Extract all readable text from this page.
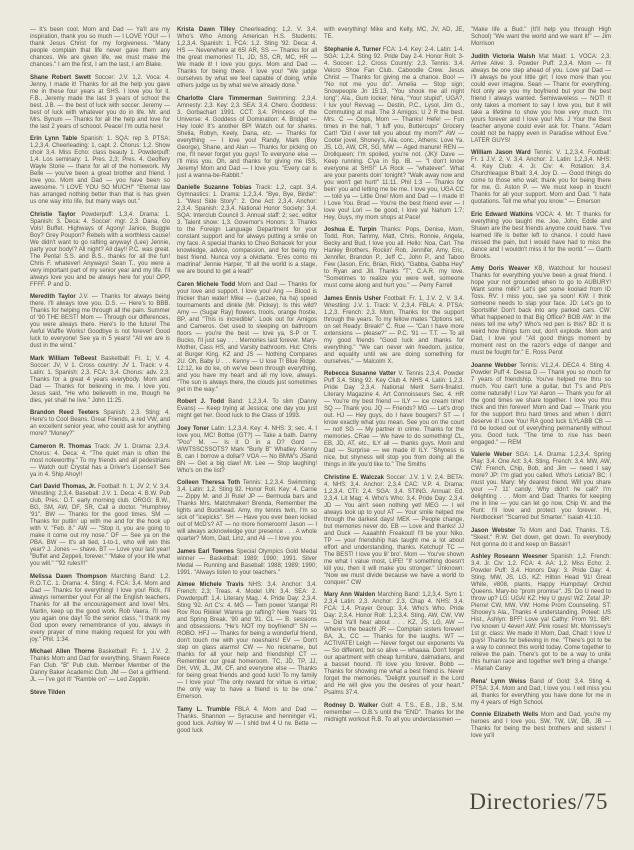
— It's been cool. Mom and Dad — Ya'll are my inspiration, thank you so much — I LOVE YOU! — I thank Jesus Christ for my forgiveness. "Many people complain that life never gave them any chances. We are given life, we must make the chances." I am the first, I am the last, I am Blake.

Shane Robert Swett Soccer: J.V. 1,2. Voca: 4. Jenny, I made it! Thanks for all the help you gave me in these four years at SHS. I love you for it. F.B., Jeremy made the last 3 years of school the best. J.B. — the best of luck with soccer. Jeremy — best of luck with whatever you do in life. Mr. and Mrs. Bynum — Thanks for all the help and love for the last 2 years of schoool. Peace! I'm outta here!

Erin Lynn Table Spanish: 1. SQA: rep 3. PTSA: 1,2,3,4. Cheerleading: 1, capt. 2. Chorus: 1,2. Show choir 3,4. Miss Echo: class beauty 1. Powderpuff: 1,4. Los seminary: 1. Pres. 2,3; Pres. 4. Geoffery Wayle Storie — thanx for all of the homework. My Belle — you've been a great brother and friend. I love you. Mom and Dad — you have been so awesome. "I LOVE YOU SO MUCH!" "Eternal law has arranged nothing better than that is has given us one way into life, but many ways out."

Christie Taylor Powderpuff: 1,3,4. Drama: 1. Spanish: 3. Deca: 4. Soccer: mgr. 2,3. Dana, Go Vols! Buffet. Highways of Agony! Janice, Buggle Boy? Grey Poupon? Rebels with a worthless cause! We didn't want to go rafting anyway! (Lee) Jennie, party your body!? All night? All day!! P.C. was great. The Penta! S.S. and B.S., thanks for all the fun! Chris F. whatever! Anyways! Sean T., you were a very important part of my senior year and my life. I'll always love you and be always here for you! OPP, FFFF. P and D.

Meredith Taylor J.V. — Thanks for always being there. I'll always love you. D.S. — Here's to BBB. Thanks for helping me through all the pain. Summer of '90 THE BEST! Mom — Through our differences, you were always there. Here's to the future! The Awful Waffle Works! Goodbye is not forever! Good luck to everyone! See ya in 5 years! "All we are is dust in the wind."

Mark William TeBeest Basketball: Fr. 1; V. 4. Soccer: JV, V 1. Cross country: JV 1. Track: v 4. Latin: 1. Spanish: 2,3. FCA: 3,4. Chorus: adv. 2,3. Thanks for a great 4 years everybody. Mom and Dad — Thanks for believing in me. I love you. Jesus said, "He who believeth in me, though he dies, yet shall he live." John 11:25.

Brandon Reed Teeters Spanish: 2,3. Sting: 4. Here's to Cool Beans. Great Friends, a red VW, and an excellent senior year, who could ask for anything more? "Money?"

Cameron R. Thomas Track: JV 1. Drama: 2,3,4. Chorus: 4. Deca: 4. "The quiet man is often the most noteworthy." To my friends and all pedestrians — Watch out! Crystal has a Driver's License!! See ya in 4. Ship Ahoy!!

Carl David Thomas, Jr. Football: fr. 1; JV 2; V. 3,4. Wrestling: 2,3,4. Baseball: J.V. 1. Deca: 4. B.W. Pub club, Pres.: D.T. early morning club. ORGG: B.W., BG, SM, AW, DF, SR, Call a doctor. "Humphrey '91". BW — Thanks for the good times. SM — Thanks for puttin' up with me and for the hook up with V. "Feb. 8." AW — "Stop it, you are going to make it come out my nose." DF — See ya on the PBA. BW — It's all tied, 1-to-1, who will win this year? J. Jones — shave. BT — Love your last year! "Buffet and Zeppeli, forever." "Make of your life what you will." "'92 rules!!!"

Melissa Dawn Thompson Marching Band: 1,2. R.O.T.C. 1. Drama: 4. Sting: 4. FCA: 3,4. Mom and Dad — Thanks for everything! I love you! Rick, I'll always remember you! For all the English teachers, Thanks for all the encouragement and love! Mrs. Martin, keep up the good work. Rob Vaera, I'll see you again one day! To the senior class, "I thank my God upon every remembrance of you, always in every prayer of mine making request for you with joy." Phil. 1:34.

Michael Allen Thorne Basketball: Fr. 1, J.V. 2. Thanks Mom and Dad for everything. Shawn Reece Fan Club. "B" Pub club. Member Member of the Danny Baker Academic Club. JM — Get a girlfriend. JL — I've got it! "Ramble on" — Led Zepplin.

Steve Tilden

Krista Dawn Tilley Cheerleading: 1,2. V. 3,4. Who's Who Among American H.S. Students: 1,2,3,4. Spanish: 1. FCA: 1,2. Sting '92. Deca: 4. HS — Neverwhere at 65! AR, SS — Thanks for all the great memories! TL, JD, SS, CR, MC, HR — We made it! I love you guys. Mom and Dad — Thanks for being there. I love you! "We judge ourselves by what we feel capable of doing, while others judge us by what we've already done."

Charlotte Clare Timmerman Swimming: 2,3,4. Amnesty: 2,3. Key: 2,3. SEA: 3,4. Chero. Goddess: 3. Gorbachart 1991. CCT: 3,4. Princess of the Universe: 4. Goddess of Domination: 4. Bridget — Hey look! It's another BP! Watch out for sharks. Shelia, Robyn, Keely, Dana, etc. — Thanks for everything — I love you! Randy, Mark (Boy George), Shane, and Alan — Thanks for picking on me, I'll never forget you guys! To everyone else — I'll miss you. Oh, and thanks for giving me ISS, Jeremy! Mom and Dad — I love you. "Every car is just a wanna-be-Rabbit."

Danielle Suzanne Tobias Track: 1,2, capt. 3,4. Gymnastics: 1. Drama: 1,2,3,4. "Bye, Bye, Birdie": 1. "West Side Story": 2. One Act: 2,3,4. Anchor: 2,3,4. Spanish: 2,3,4. National Honor Society: 3,4. SQA: Interclub Council 3. Annual staff: 2; sec. editor 3. Talent show: 1,3. Governor's Honors: 3. Thanks to the Foreign Language Department for your constant support and for always putting a smile on my face. A special thanks to Cheo Bohacek for your knowledge, advice, compassion, and for being my best friend. Nunca voy a olvidarte. 'Eres como mi madrina!' Jennie Harper, "If all the world is a stage, we are bound to get a lead!"

Caren Michele Todd Mom and Dad — Thanks for your love and support. I love you! Ang — Blood is thicker than water! Mike — (Larzee, ha ha) speed tournaments and dinkle (Mr. Pickey). Is this wild? Amy — (Sugar Ray) flowers, trools, orange frostie, BP, and "This is incredible". Look out for Amigos and Cameros. Get used to sleeping on bathroom floors — you're the best — love ya, S-P or T. Bucko, I'll just say . . . Memories last forever. Mary-Mother, Cass HS, and Varsity bathroom. Hut: Chris at Burger King. KZ and JS — Nothing Compares 2U. Oh, Baby U . . . Kenny — U lose T! Blue Ridge. 12:12, ke do ke, oh we've been through everything, and you have my heart and all my love, always. "The sun is always there, the clouds just sometimes get in the way."

Robert J. Todd Band: 1,2,3,4. To slim (Danny Evans) — Keep trying at Jessica; one day you just might get her. Good luck to the Class of 1993.

Joey Toner Latin: 1,2,3,4. Key: 4. NHS: 3; sec. 4. I love you, MC! Bottse (GT?) — Take a bath. Danny "Poo" M. — Is it D in a D? Gord — WWTSSCSSOTS? Mark "Burly B" Whatley. Kenny B, can I borrow a dollar? VOA — No BMW's JSand BN — Get a big claw! Mr. Lee — Stop laughing! Who's on the list?

Colleen Theresa Toth Tennis: 1,2,3,4. Swimming: 3,4. Latin: 1,2. Sting 92. Honor Roll. Key: 4. Carrie — Zippy M. and JI Rule! JP — Bermuda bars and Thanks Mrs. Matchmaker! Brenda, Remember the lights and Buckhead. Amy, my tennis twin, I'm so sick of "icepicks". SH — Have you ever been kicked out of McD's? AT — no more homeroom! Jason — I will always acknowledge your presence . . . A whole quarter? Mom, Dad, Linz, and Ali — I love you.

James Earl Townes Special Olympics Gold Medal winner — Basketball: 1989; 1990; 1991. Silver Medal — Running and Baseball: 1988; 1989; 1990; 1991. "Always listen to your teachers."

Aimee Michele Travis NHS: 3,4. Anchor: 3,4. French: 2,3; Treas. 4. Model UN: 3,4. SEA: 2. Powderpuff: 1,4. Literary Mag.: 4. Pride Day: 2,3,4. Sting '92. Art C's: 4. MG — Twin power 'stanga! RI Rov Rou Rikkie! Wanna go rafting? New Years '91 and Spring Break. '90 and '91. CL — B. sessions and obsessions. "He's NOT my boyfriend!" SN — ROBO. HFJ — Thanks for being a wonderful friend, don't touch me with your noeshairs! EV — Don't step on glass alarms! CW — No nickname, but thanks for all your help and friendship! CT — Remember our great homeroom. TC, JD, TP, JJ, DH, VW, JL, JM, CF, and everyone else — Thanks for being great friends and good luck! To my family — I love you! "The only reward for virtue is virtue; the only way to have a friend is to be one." Emerson.

Tamy L. Trumble FBLA 4. Mom and Dad — Thanks. Shannon — Syracuse and henninger #1; good luck. Ashley W — I shld bwl 4 U rw. Bette — good luck

with everything! Mike and Kelly, MC, JV, AD, JE, TE.

Stephanie A. Turner FCA: 1-4. Key: 2-4. Latin: 1-4. SGA: 1,2,4. Sting 92. Pride Day 2-4. Honor Roll: 3-4. Soccer: 1,2. Cross Country: 2,3. Tennis: 3,4. Velcro Shoe Fan Club. Caboodle Crew. Jesus Christ — Thanks for giving me a chance. Boo! — "No not me you do". Amelia — Stop sign; Snowpeople Jn 15:13, "You shook me all night long"; Ala., Gum locker; Nina, "Your stupid", UGA?, I luv you! Revvag — Destin, P.C., Lysol, Jim G., Commuting at mall. The 3 Amigos; U 2 R the best. Mrs. C — Oops, Mom — Thanks! Hefe! — Fun times in the hall, "I luff you, Buttercups" Grocery Cart! "Did I ever tell you about my mom?" AW — Cooter jovel, Shoney's, Ala. conc., Athens: Love Ya. JS, LG, AW, CR, SG, MW — Aged manure! REN — Drollqueen; I'm spoiled, you're not. (JK)! Dave — Keep running. C'ya in Sp. IB. — "I don't know everyone at SHS!" LA Rock — "whatever". What are your parents doin' tonight? "Walk away now and you won't get hurt!" 11:11. Phil 1:3 — Thanks for bein' you and letting me be me. I love you, UGA CC — told ya — Little One! Mom and Dad — I made it! I Love You. Brad — You're the best friend ever — I love you! Lori — be good, I love ya! Nahum 1:7; Hey, Guys, my mom shops at Pace!

Joshua E. Turpin Thanks: Pops, Denise, Mom, Todd, Ron, Tammy, Matt, Chris, Ronnie, Angela, Becky and Bud, I love you all. Hello: Noa, Carl. The Hanley Brothers, Rockin' Rob, Jennifer, Amy, Eric, Jennifer, Brandon P., Jeff C., John P., and Taboo Few (Jason, Eric, Brian, Rick). "Gabba, Gabba Hey" to Ryan and Jill. Thanks "T", C.A.R. my love. "Sometimes to realize you were well, someone must come along and hurt you." — Perry Farrell

James Ennis Usher Football: Fr. 1, J.V. 2, V. 3,4. Wrestling: J.V. 1. Track: V. 2,3,4. FBLA: 4. PTSA: 1,2,3. French: 2,3. Mom, Thanks for the support through the years. To my fellow mates "Options set, on set Ready: Break!" C. Rue — "Can I have more extensions — please?" — P.C. '91 — T.T. — To all my good friends "Good luck and thanks for everything." "We can never win freedom, justice, and equality until we are doing something for ourselves." — Malcolm X.

Rebecca Susanne Vatter V. Tennis 2,3,4. Powder Puff 3,4. Sting 92. Key Club 4. NHS 4. Latin: 1,2,3. Pride Day 2,3,4. National Merit Semi-finalist. Literary Magazine 4. Art Connoisseurs Sec. 4. HR — You're my best friend — ILY — ice cream time! SQ — Thank you. JQ — Friends? MG — Let's drop out. HJ — Hey guys, do I have bougers? ST — I know exactly what you mean. See you on the court — not! SG — My partner in crime. Thanks for the memories. CRae — We have to do something! CL, EB, JD, AT, etc., ILY all — thanks guys. Mom and Dad — Surprise — we made it! ILY. "Shyness is nice, but shyness will stop you from doing all the things in life you'd like to." The Smiths

Christine E. Walczak Soccer: J.V. 1 V. 2,4. BETA: 4. NHS: 3,4. Anchor: 2,3,4 CAC: V.P. 4. Drama: 1,2,3,4. CTI: 2,4. SGA: 3,4. STING. Annual: Ed. 2,3,4. Lit Mag: 4. Who's Who: 3,4. Pride Day: 2,3,4. JD — You ain't seen nothing yet! MEG — I wil always look up to you! AT — Your smile helped me through the darkest days! MEK — People change, but memories never do. EB — Love and thanks! JJ and Duck — Aaaahhh Freakout! I'll be your Niko. TP — your friendship has taught me a lot about effort and understanding, thanks. Ketchup! TC — The BEST! I love you lil' bro'. Mom — You've shown me what I value most, LIFE! "If something doesn't kill you, then it will make you stronger." Unknown: "Now we must divide because we have a world to conquer." CW

Mary Ann Walden Marching Band: 1,2,3,4. Sym 1: 2,3,4 Latin: 2,3. Anchor: 2,3, Chap 4. NHS: 3,4. FCA: 1,4. Prayer Group: 3,4. Who's Who. Pride Day: 2,3,4. Honor Roll: 1,2,3,4. Sting. AW, CW, VW — Did Ya'll hear about . . . KZ, JS, LG, AW — Where's the beach! JR — Complain sisters forever! BA, JL, CC — Thanks for the laughs. WT — ACTIVATE! Leigh — Never forget our exponents Va — So different, but so alive — whaaaa. Don't forget our apartment with cheap furniture, dalmatians, and a basset hound. I'll love you forever. Bobb — Thanks for showing me what a best friend is. Never forget the memories. "Delight yourself in the Lord and He will give you the desires of your heart." Psalms 37:4.

Rodney D. Walker Golf: 4. T.S., E.B., J.B., S.M. remember — O.B.'s until the "END". Thanks for the midnight workout R.B. To all you underclassmen —

"Make life a Bud." (It'll help you through High School) "We want the world and we want it!" — Jim Morrison

Judith Victoria Walsh Mat Maid: 1. VOCA: 2,3. Arrive Alive: 3. Powder Puff: 2,3,4. Mom — I'll always be one step ahead of you. Love ya! Dad — I'll always be your little girl; I love more than you could ever imagine. Sean — Thanx for everything. Not only are you my boyfriend but your the best friend I always wanted. Semiwaveless — NOT! It only takes a moment to say I love you, but it will take a lifetime to show you how very much. I'm yours forever and I love you! Ms. J Your the Best teacher anyone could ever ask for. Thanx. "Adam could not be happy even in Paradise without Eve." LATER GUYS!

William Jason Ward Tennis: V. 1,2,3,4. Football: Fr. 1 J.V. 2, V. 3,4. Anchor: 2. Latin: 1,2,3,4. NHS: 4. Key Club: 4. Jr. Civ: 4. Rotation: 3,4. Churchleague B'ball: 3,4. Joy D. — Good things do come to those who wait; thank you for being there for me. G. Aston P. — We must keep in touch! Thanks for all your support. Mom and Dad. "I hate quotations. Tell me what you know." — Emerson

Eric Edward Watkins VOCA: 4. Mr. T thanks for everything you taught me. Joe, John, Eddie and Shawn are the best friends anyone could have. "I've learned life is better left to chance. I could have missed the pain, but I would have had to miss the dance and I wouldn't miss it for the world." — Garth Brooks.

Amy Doris Weaver KB, Watchout for houses! Thanks for everything you've been a great friend. I hope your not grounded when to go to AUBURY! Want some milk? Let's get some koolaid from ID Toss. RV: I miss you, see ya soon! KW: I think someone needs to slap your face. JD: Let's go to Sportslife! Don't back into any parked cars. CW: What happened to that Big Office? BOB AW: In the news tell me why? Who's red pen is this? BD: It is weird how things turn out, don't explode. Mom and Dad, I love you! "All good things moment by moment rest on the razor's edge of danger and must be fought for." E. Ross Perot

Joanne Webber Tennis: V1,2,4. DECA 4. Sting 4. Powder Puff 4. Deesa D — Thank you so much for 7 years of friendship. You've helped me thru so much. You can't tune a guitar, but T's and Pb's come naturally! I Luv Ya! Aaron — Thank you for all the good times we share together. I love you thru thick and thin forever! Mom and Dad — Thank you for the support thru hard times and when I didn't deserve it! Love You! RA good luck ILYLABB CB — I'd be locked out of everything permanently without you. Good luck. "The time to rise has been engaged." — REM

Valerie Weber SGA: 1,4. Drama: 1,2,3,4. Spring Play: 3,4. One Act: 3,4. Sting. French: 3,4. MW, AW, CW: French, Chip, Bob, and Jim — need I say more? JP: I'm glad you called. Who's Leticia? BC: I must you. Mary: My dearest friend. Will you share your —7 11' candy. Why didn't he call? I'm delighting . . . Mom and Dad: Thanks for keeping me in line — you can let go now. Chip W. and the Runt: I'll love and protect you forever. Hi, Nerdbocker! "Scarred but Smarter." Isaiah 41:10.

Jason Webster To Mom and Dad, Thanks. T.S. "Skeet." R.W. Get down, get down. To everybody Not gonna do it and keep on Bassin'!

Ashley Roseann Weesner Spanish: 1,2. French: 3,4. Jr. Civ: 1,2. FCA: 4. AA: 1,2. Miss Echo: 2. Powder Puff: 3,4. Honors Day: 3. Pride Day: 4. Sting. MW, JS, LG, KZ: Hilton Head '91! Great White, #808, plants, Happy Humpday! Orchid Queens. Mary-bo "prom promise". JS: Do U need to throw up? LG: UGA! KZ: Hey U guys! WZ: Zeta! JP: Pierre! CW, MW, VW: Home Prom Counseling. ST: Shooey's Ala., Thanks 4 understanding. Poteet: US Hist., Ashlyn: BFF! Love ya! Cathy: Prom '91. BR: I've known U 4ever! AW: Pink roses! Mr. Morrissey's 1st gr. class: We made it! Mom, Dad, Chad: I love U guys! Thanks for believing in me. "There's got to be a way to connect this world today. Come together to relieve the pain. There's got to be a way to unite this human race and together we'll bring a change." - Mariah Carey

Rena' Lynn Weiss Band of Gold: 3,4. Sting 4. PTSA: 3,4. Mom and Dad, I love you. I will miss you all, thanks for everything you have done for me in my 4 years of High School.

Connie Elizabeth Wells Mom and Dad, you're my heroes and I love you. SW, TW, LW, DB, JB — Thanks for being the best brothers and sisters! I love ya'll

Directories/75
